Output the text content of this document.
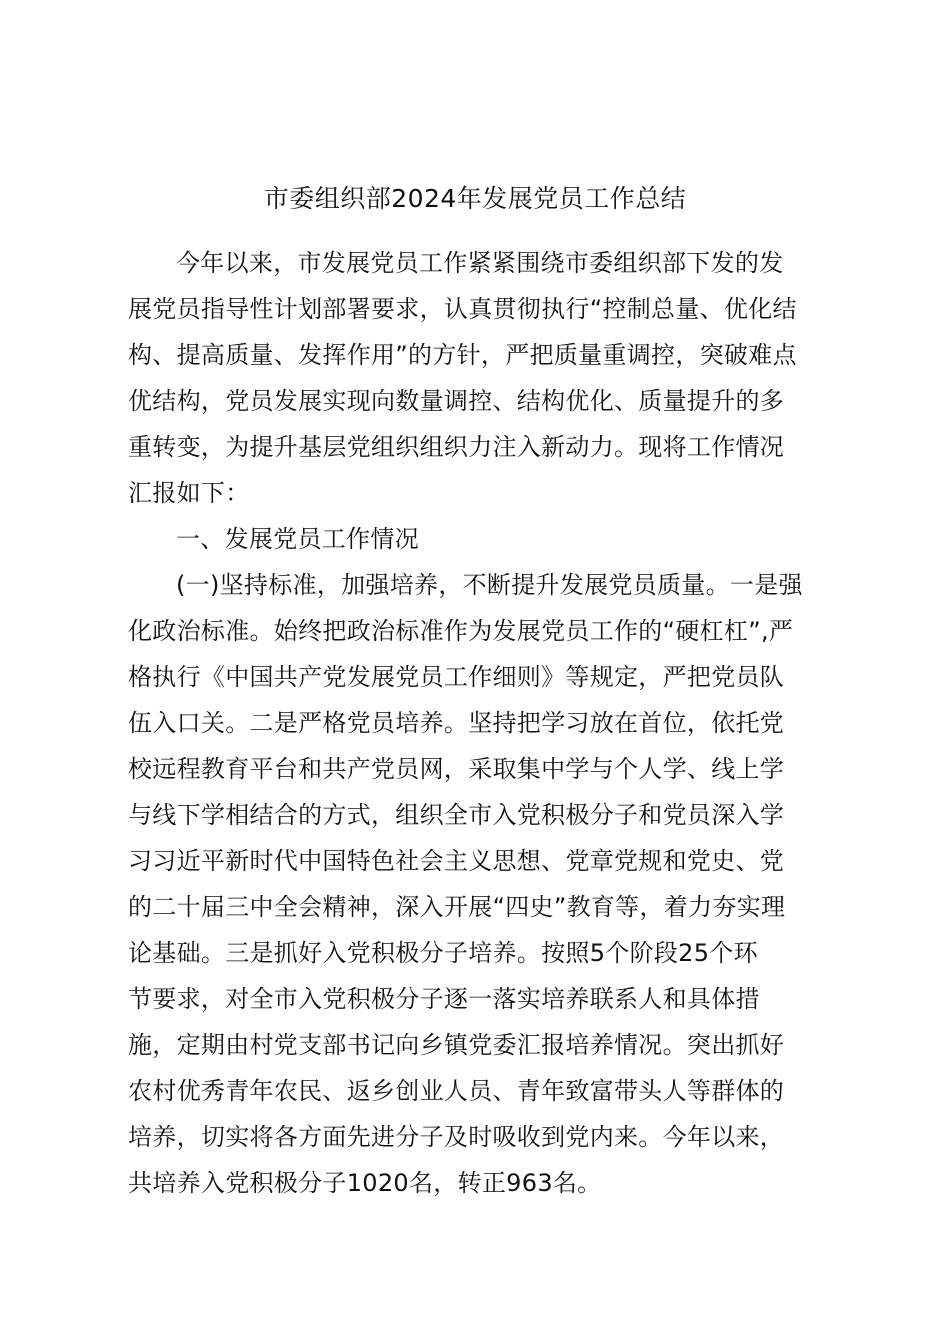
市委组织部2024年发展党员工作总结
今年以来，市发展党员工作紧紧围绕市委组织部下发的发
展党员指导性计划部署要求，认真贯彻执行“控制总量、优化结
构、提高质量、发挥作用”的方针，严把质量重调控，突破难点
优结构，党员发展实现向数量调控、结构优化、质量提升的多
重转变，为提升基层党组织组织力注入新动力。现将工作情况
汇报如下：
一、发展党员工作情况
(一)坚持标准，加强培养，不断提升发展党员质量。一是强
化政治标准。始终把政治标准作为发展党员工作的“硬杠杠”,严
格执行《中国共产党发展党员工作细则》等规定，严把党员队
伍入口关。二是严格党员培养。坚持把学习放在首位，依托党
校远程教育平台和共产党员网，采取集中学与个人学、线上学
与线下学相结合的方式，组织全市入党积极分子和党员深入学
习习近平新时代中国特色社会主义思想、党章党规和党史、党
的二十届三中全会精神，深入开展“四史”教育等，着力夯实理
论基础。三是抓好入党积极分子培养。按照5个阶段25个环
节要求，对全市入党积极分子逐一落实培养联系人和具体措
施，定期由村党支部书记向乡镇党委汇报培养情况。突出抓好
农村优秀青年农民、返乡创业人员、青年致富带头人等群体的
培养，切实将各方面先进分子及时吸收到党内来。今年以来，
共培养入党积极分子1020名，转正963名。
